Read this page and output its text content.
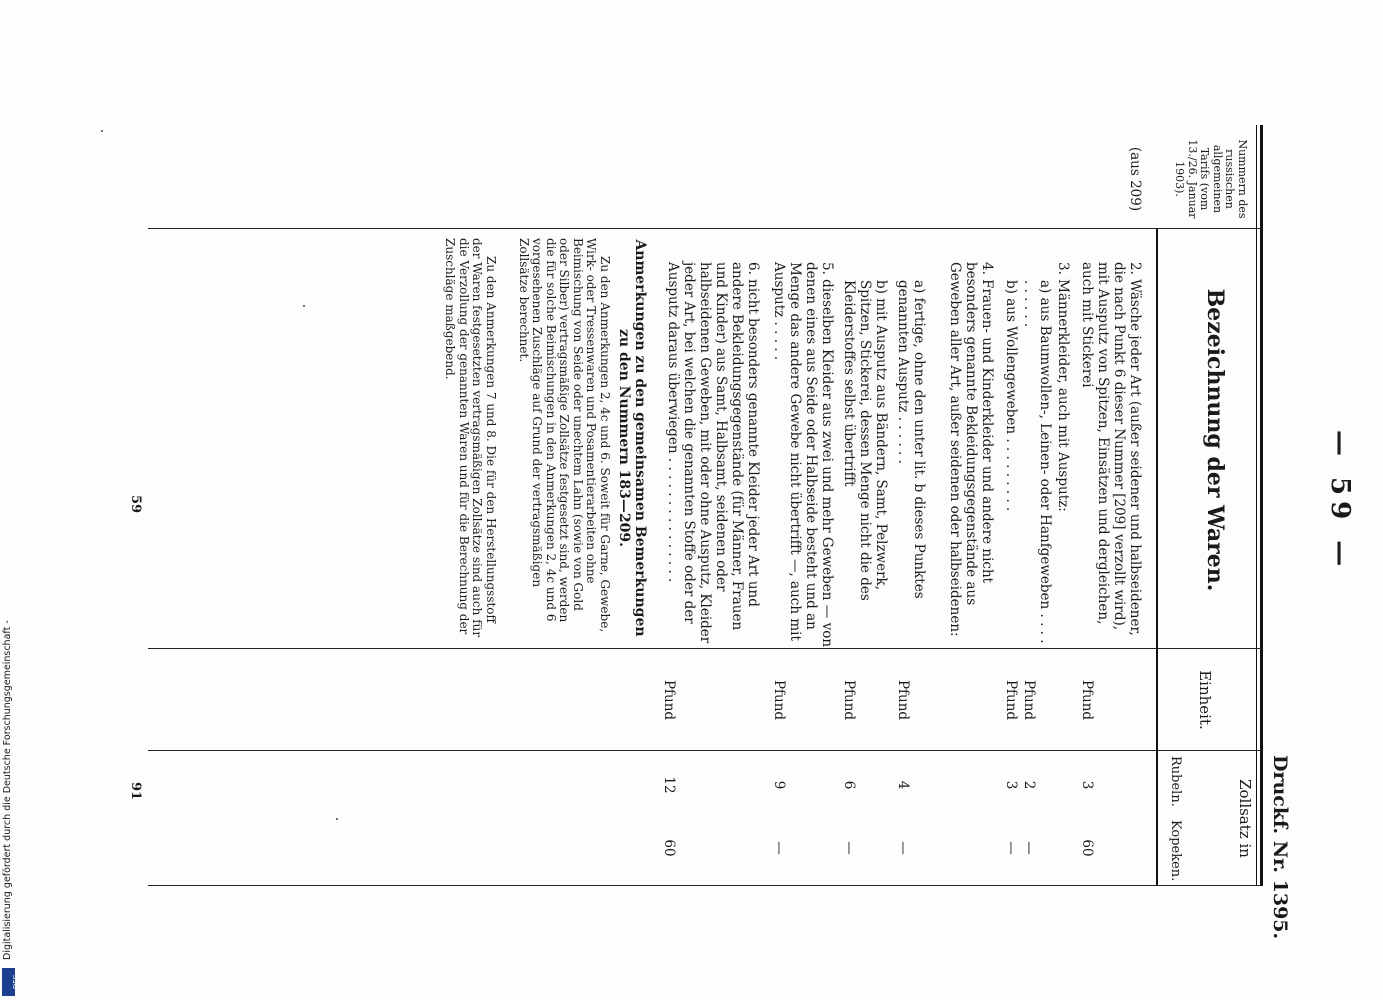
— 59 —
Druckf. Nr. 1395.
Nummern des russischen allgemeinen Tarifs (vom 13./26. Januar 1903).
Bezeichnung der Waren.
Einheit.
Zollsatz in
Rubeln.
Kopeken.
(aus 209)
2. Wäsche jeder Art (außer seidener und halbseidener, die nach Punkt 6 dieser Nummer [209] verzollt wird), mit Ausputz von Spitzen, Einsätzen und dergleichen, auch mit Stickerei
Pfund
3
60
3. Männerkleider, auch mit Ausputz:
a) aus Baumwollen-, Leinen- oder Hanfgeweben . . . . . . . . . .
Pfund
2
—
b) aus Wollengeweben . . . . . . . . .
Pfund
3
—
4. Frauen- und Kinderkleider und andere nicht besonders genannte Bekleidungsgegenstände aus Geweben aller Art, außer seidenen oder halbseidenen:
a) fertige, ohne den unter lit. b dieses Punktes genannten Ausputz . . . . . .
Pfund
4
—
b) mit Ausputz aus Bändern, Samt, Pelzwerk, Spitzen, Stickerei, dessen Menge nicht die des Kleiderstoffes selbst übertrifft
Pfund
6
—
5. dieselben Kleider aus zwei und mehr Geweben — von denen eines aus Seide oder Halbseide besteht und an Menge das andere Gewebe nicht übertrifft —, auch mit Ausputz . . . . .
Pfund
9
—
6. nicht besonders genannte Kleider jeder Art und andere Bekleidungsgegenstände (für Männer, Frauen und Kinder) aus Samt, Halbsamt, seidenen oder halbseidenen Geweben, mit oder ohne Ausputz, Kleider jeder Art, bei welchen die genannten Stoffe oder der Ausputz daraus überwiegen . . . . . . . . . . . . . . .
Pfund
12
60
Anmerkungen zu den gemeinsamen Bemerkungen zu den Nummern 183—209.
Zu den Anmerkungen 2, 4c und 6. Soweit für Garne, Gewebe, Wirk- oder Tressenwaren und Posamentierarbeiten ohne Beimischung von Seide oder unechtem Lahn (sowie von Gold oder Silber) vertragsmäßige Zollsätze festgesetzt sind, werden die für solche Beimischungen in den Anmerkungen 2, 4c und 6 vorgesehenen Zuschläge auf Grund der vertragsmäßigen Zollsätze berechnet.
Zu den Anmerkungen 7 und 8. Die für den Herstellungsstoff der Waren festgesetzten vertragsmäßigen Zollsätze sind auch für die Verzollung der genannten Waren und für die Berechnung der Zuschläge maßgebend.
59
91
DFG
Digitalisierung gefördert durch die Deutsche Forschungsgemeinschaft -
